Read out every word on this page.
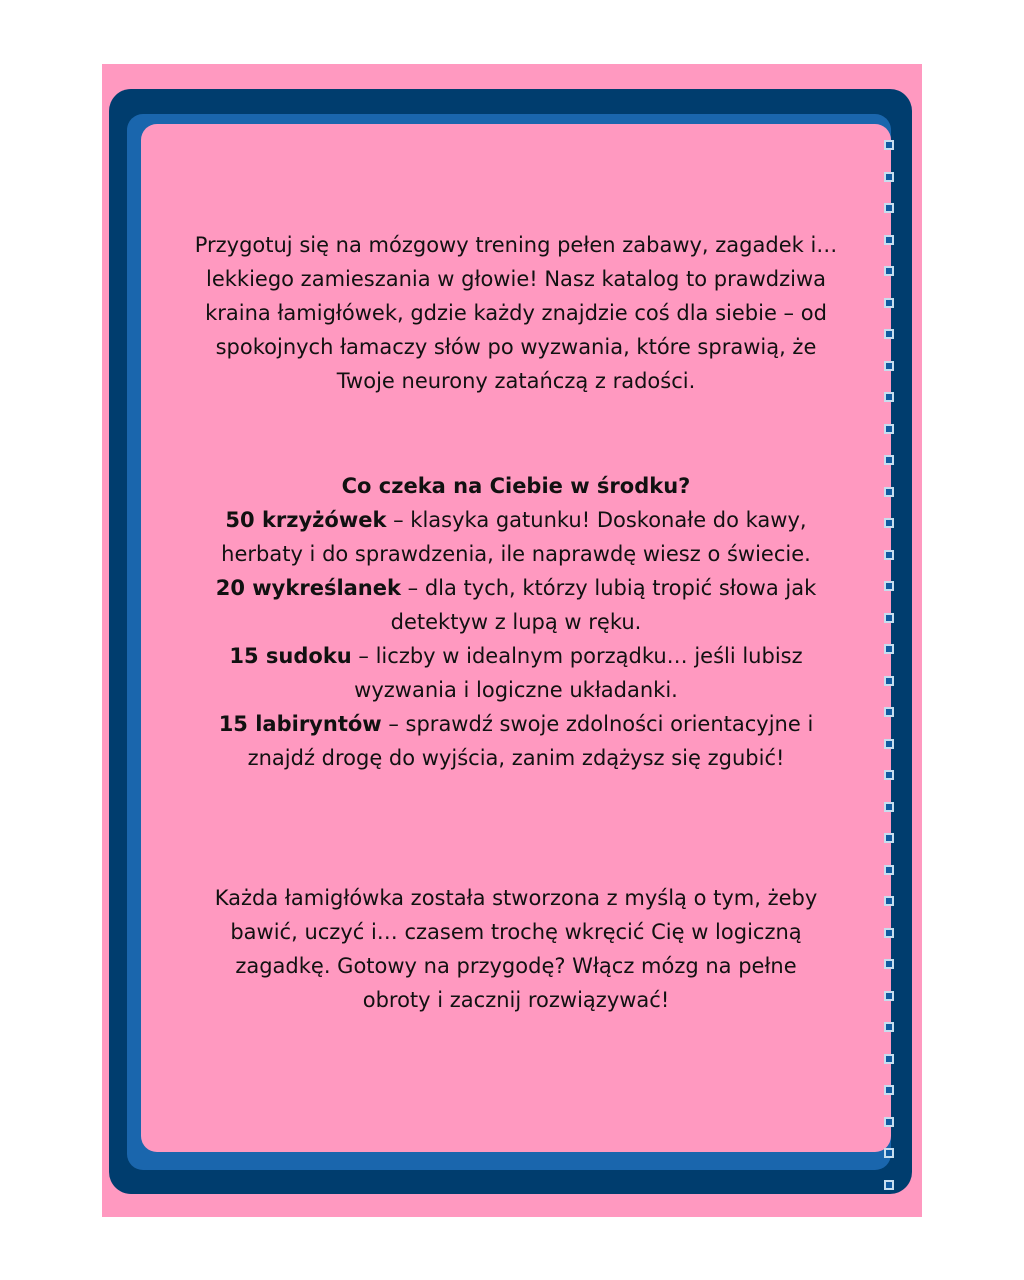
Przygotuj się na mózgowy trening pełen zabawy, zagadek i…

lekkiego zamieszania w głowie! Nasz katalog to prawdziwa

kraina łamigłówek, gdzie każdy znajdzie coś dla siebie – od

spokojnych łamaczy słów po wyzwania, które sprawią, że

Twoje neurony zatańczą z radości.

Co czeka na Ciebie w środku?

50 krzyżówek – klasyka gatunku! Doskonałe do kawy,

herbaty i do sprawdzenia, ile naprawdę wiesz o świecie.

20 wykreślanek – dla tych, którzy lubią tropić słowa jak

detektyw z lupą w ręku.

15 sudoku – liczby w idealnym porządku… jeśli lubisz

wyzwania i logiczne układanki.

15 labiryntów – sprawdź swoje zdolności orientacyjne i

znajdź drogę do wyjścia, zanim zdążysz się zgubić!

Każda łamigłówka została stworzona z myślą o tym, żeby

bawić, uczyć i… czasem trochę wkręcić Cię w logiczną

zagadkę. Gotowy na przygodę? Włącz mózg na pełne

obroty i zacznij rozwiązywać!
